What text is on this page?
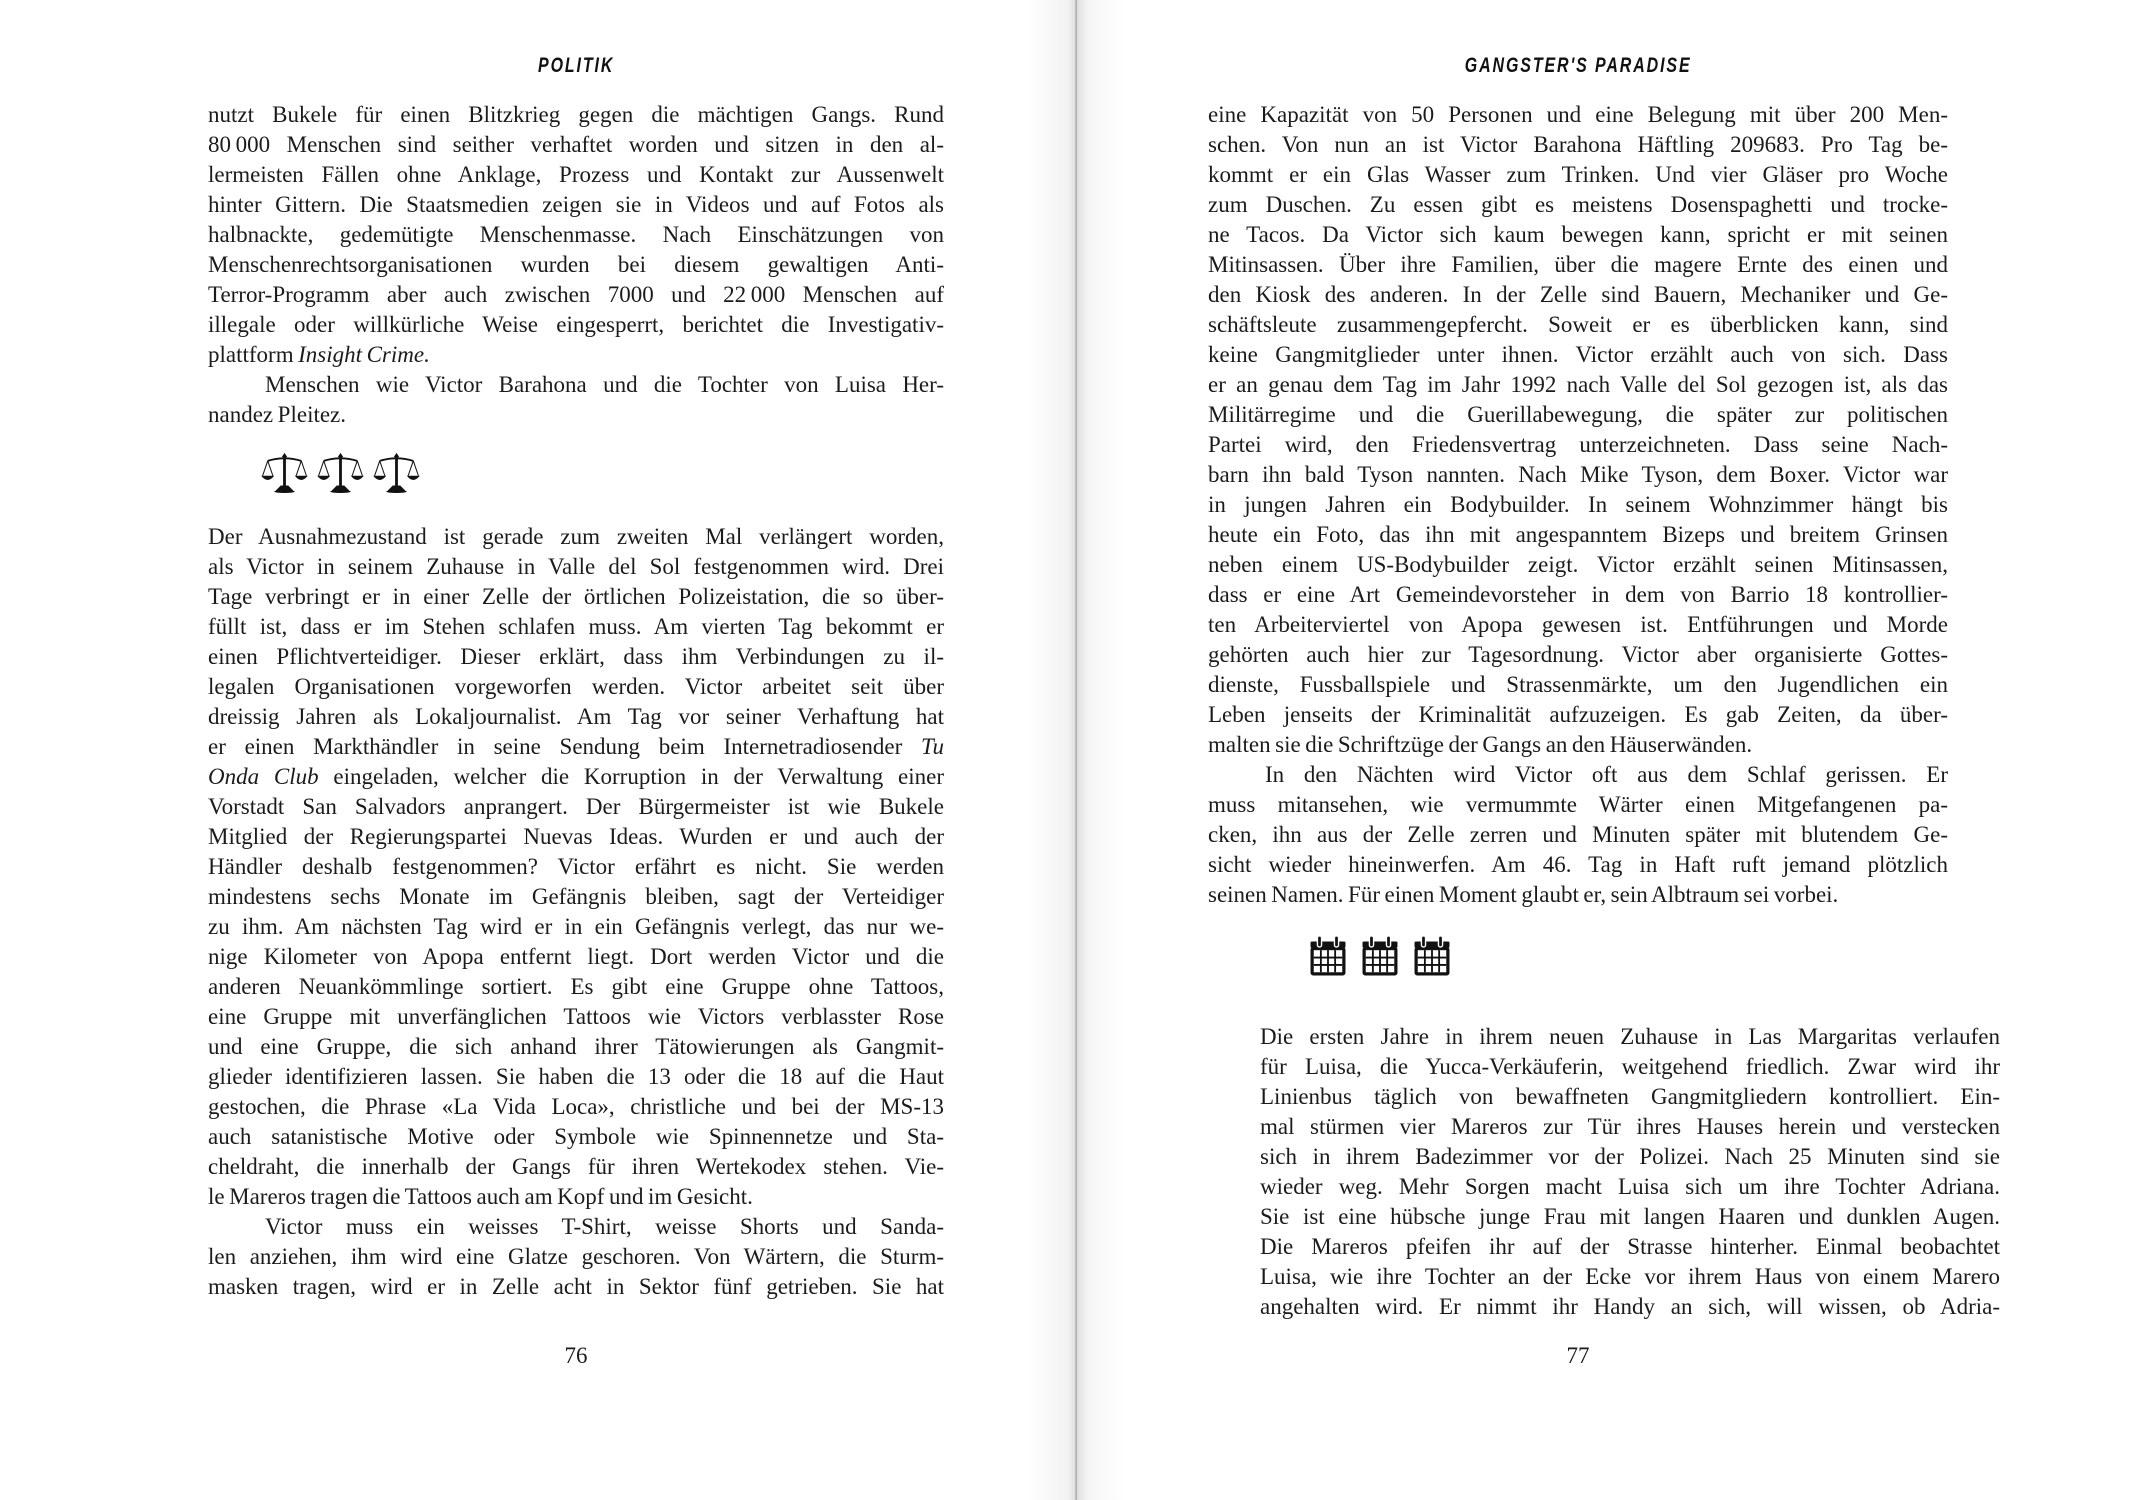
POLITIK
nutzt Bukele für einen Blitzkrieg gegen die mächtigen Gangs. Rund
80 000 Menschen sind seither verhaftet worden und sitzen in den al-
lermeisten Fällen ohne Anklage, Prozess und Kontakt zur Aussenwelt
hinter Gittern. Die Staatsmedien zeigen sie in Videos und auf Fotos als
halbnackte, gedemütigte Menschenmasse. Nach Einschätzungen von
Menschenrechtsorganisationen wurden bei diesem gewaltigen Anti-
Terror-Programm aber auch zwischen 7000 und 22 000 Menschen auf
illegale oder willkürliche Weise eingesperrt, berichtet die Investigativ-
plattform Insight Crime.
Menschen wie Victor Barahona und die Tochter von Luisa Her-
nandez Pleitez.
Der Ausnahmezustand ist gerade zum zweiten Mal verlängert worden,
als Victor in seinem Zuhause in Valle del Sol festgenommen wird. Drei
Tage verbringt er in einer Zelle der örtlichen Polizeistation, die so über-
füllt ist, dass er im Stehen schlafen muss. Am vierten Tag bekommt er
einen Pflichtverteidiger. Dieser erklärt, dass ihm Verbindungen zu il-
legalen Organisationen vorgeworfen werden. Victor arbeitet seit über
dreissig Jahren als Lokaljournalist. Am Tag vor seiner Verhaftung hat
er einen Markthändler in seine Sendung beim Internetradiosender Tu
Onda Club eingeladen, welcher die Korruption in der Verwaltung einer
Vorstadt San Salvadors anprangert. Der Bürgermeister ist wie Bukele
Mitglied der Regierungspartei Nuevas Ideas. Wurden er und auch der
Händler deshalb festgenommen? Victor erfährt es nicht. Sie werden
mindestens sechs Monate im Gefängnis bleiben, sagt der Verteidiger
zu ihm. Am nächsten Tag wird er in ein Gefängnis verlegt, das nur we-
nige Kilometer von Apopa entfernt liegt. Dort werden Victor und die
anderen Neuankömmlinge sortiert. Es gibt eine Gruppe ohne Tattoos,
eine Gruppe mit unverfänglichen Tattoos wie Victors verblasster Rose
und eine Gruppe, die sich anhand ihrer Tätowierungen als Gangmit-
glieder identifizieren lassen. Sie haben die 13 oder die 18 auf die Haut
gestochen, die Phrase «La Vida Loca», christliche und bei der MS-13
auch satanistische Motive oder Symbole wie Spinnennetze und Sta-
cheldraht, die innerhalb der Gangs für ihren Wertekodex stehen. Vie-
le Mareros tragen die Tattoos auch am Kopf und im Gesicht.
Victor muss ein weisses T-Shirt, weisse Shorts und Sanda-
len anziehen, ihm wird eine Glatze geschoren. Von Wärtern, die Sturm-
masken tragen, wird er in Zelle acht in Sektor fünf getrieben. Sie hat
76
GANGSTER'S PARADISE
eine Kapazität von 50 Personen und eine Belegung mit über 200 Men-
schen. Von nun an ist Victor Barahona Häftling 209683. Pro Tag be-
kommt er ein Glas Wasser zum Trinken. Und vier Gläser pro Woche
zum Duschen. Zu essen gibt es meistens Dosenspaghetti und trocke-
ne Tacos. Da Victor sich kaum bewegen kann, spricht er mit seinen
Mitinsassen. Über ihre Familien, über die magere Ernte des einen und
den Kiosk des anderen. In der Zelle sind Bauern, Mechaniker und Ge-
schäftsleute zusammengepfercht. Soweit er es überblicken kann, sind
keine Gangmitglieder unter ihnen. Victor erzählt auch von sich. Dass
er an genau dem Tag im Jahr 1992 nach Valle del Sol gezogen ist, als das
Militärregime und die Guerillabewegung, die später zur politischen
Partei wird, den Friedensvertrag unterzeichneten. Dass seine Nach-
barn ihn bald Tyson nannten. Nach Mike Tyson, dem Boxer. Victor war
in jungen Jahren ein Bodybuilder. In seinem Wohnzimmer hängt bis
heute ein Foto, das ihn mit angespanntem Bizeps und breitem Grinsen
neben einem US-Bodybuilder zeigt. Victor erzählt seinen Mitinsassen,
dass er eine Art Gemeindevorsteher in dem von Barrio 18 kontrollier-
ten Arbeiterviertel von Apopa gewesen ist. Entführungen und Morde
gehörten auch hier zur Tagesordnung. Victor aber organisierte Gottes-
dienste, Fussballspiele und Strassenmärkte, um den Jugendlichen ein
Leben jenseits der Kriminalität aufzuzeigen. Es gab Zeiten, da über-
malten sie die Schriftzüge der Gangs an den Häuserwänden.
In den Nächten wird Victor oft aus dem Schlaf gerissen. Er
muss mitansehen, wie vermummte Wärter einen Mitgefangenen pa-
cken, ihn aus der Zelle zerren und Minuten später mit blutendem Ge-
sicht wieder hineinwerfen. Am 46. Tag in Haft ruft jemand plötzlich
seinen Namen. Für einen Moment glaubt er, sein Albtraum sei vorbei.
Die ersten Jahre in ihrem neuen Zuhause in Las Margaritas verlaufen
für Luisa, die Yucca-Verkäuferin, weitgehend friedlich. Zwar wird ihr
Linienbus täglich von bewaffneten Gangmitgliedern kontrolliert. Ein-
mal stürmen vier Mareros zur Tür ihres Hauses herein und verstecken
sich in ihrem Badezimmer vor der Polizei. Nach 25 Minuten sind sie
wieder weg. Mehr Sorgen macht Luisa sich um ihre Tochter Adriana.
Sie ist eine hübsche junge Frau mit langen Haaren und dunklen Augen.
Die Mareros pfeifen ihr auf der Strasse hinterher. Einmal beobachtet
Luisa, wie ihre Tochter an der Ecke vor ihrem Haus von einem Marero
angehalten wird. Er nimmt ihr Handy an sich, will wissen, ob Adria-
77
